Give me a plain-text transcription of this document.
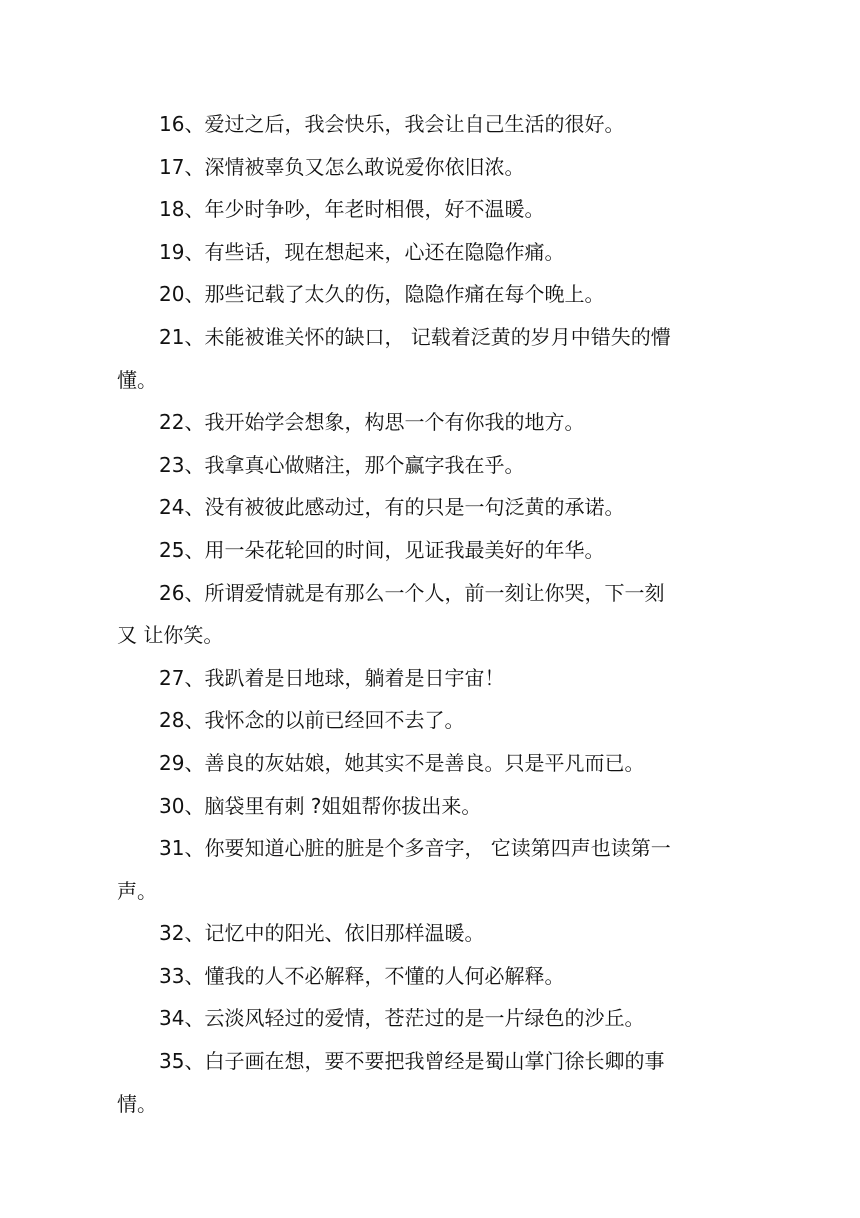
16、爱过之后，我会快乐，我会让自己生活的很好。
17、深情被辜负又怎么敢说爱你依旧浓。
18、年少时争吵，年老时相偎，好不温暖。
19、有些话，现在想起来，心还在隐隐作痛。
20、那些记载了太久的伤，隐隐作痛在每个晚上。
21、未能被谁关怀的缺口， 记载着泛黄的岁月中错失的懵
懂。
22、我开始学会想象，构思一个有你我的地方。
23、我拿真心做赌注，那个赢字我在乎。
24、没有被彼此感动过，有的只是一句泛黄的承诺。
25、用一朵花轮回的时间，见证我最美好的年华。
26、所谓爱情就是有那么一个人，前一刻让你哭，下一刻
又 让你笑。
27、我趴着是日地球，躺着是日宇宙！
28、我怀念的以前已经回不去了。
29、善良的灰姑娘，她其实不是善良。只是平凡而已。
30、脑袋里有刺 ?姐姐帮你拔出来。
31、你要知道心脏的脏是个多音字， 它读第四声也读第一
声。
32、记忆中的阳光、依旧那样温暖。
33、懂我的人不必解释，不懂的人何必解释。
34、云淡风轻过的爱情，苍茫过的是一片绿色的沙丘。
35、白子画在想，要不要把我曾经是蜀山掌门徐长卿的事
情。
